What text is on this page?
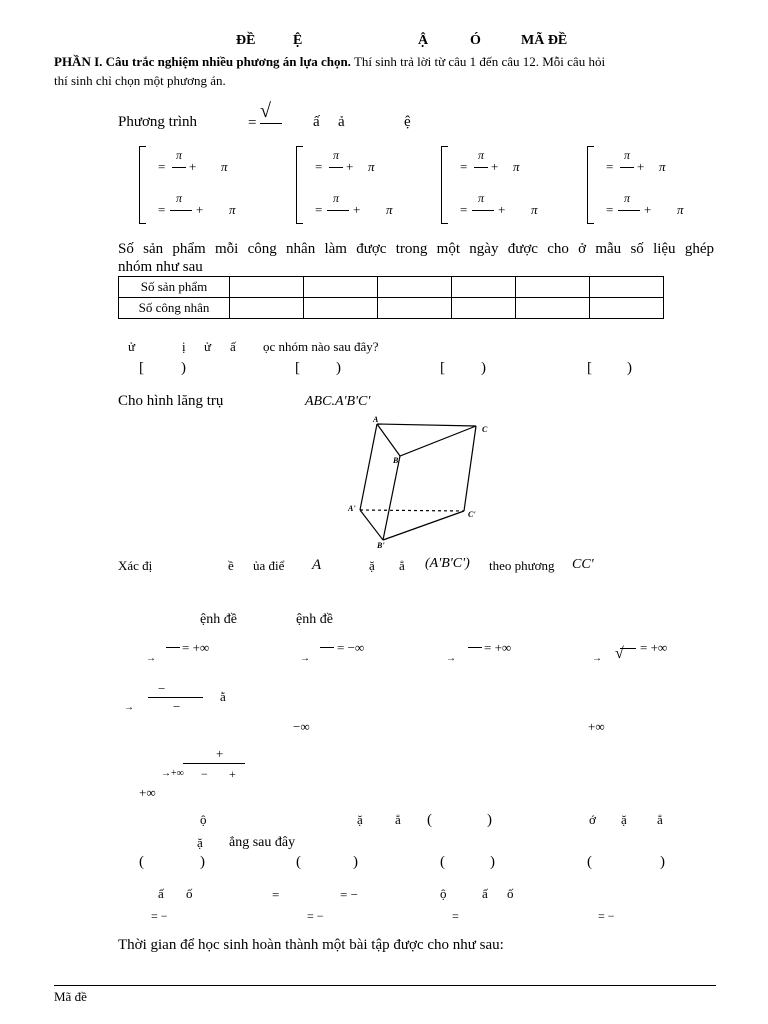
ĐỀ	Ệ	Ậ	Ó	MÃ ĐỀ
PHẦN I. Câu trắc nghiệm nhiều phương án lựa chọn. Thí sinh trả lời từ câu 1 đến câu 12. Mỗi câu hỏi
thí sinh chỉ chọn một phương án.
Phương trình	=
√	ấ ả	ệ
=
π
+ π
=
π
+ π
=
π
+ π
=
π
+ π
=
π
+ π
=
π
+ π
=
π
+ π
=
π
+ π
Số sản phẩm mỗi công nhân làm được trong một ngày được cho ở mẫu số liệu ghép
nhóm như sau
Số sản phẩm						
Số công nhân						
ử	ị ử ấ ọc nhóm nào sau đây?
[ )	[ )	[ )	[ )
Cho hình lăng trụ	ABC.A'B'C'
A
B
C
A'
B'
C'
Xác đị	ề ủa điể A	ặ ẳ (A'B'C') theo phương CC'
ệnh đề	ệnh đề
= +∞
→
= −∞
→
= +∞
→	√ = +∞
→
−
−
→
ằ
−∞	+∞
+
− +
→+∞
+∞
ộ	ặ ẳ (	)	ớ ặ ẳ
ặ ẳng sau đây
(	)	(	)	(	)	(	)
ấ ố	=	= −	ộ	ấ ố
= −	= −	=	= −
Thời gian để học sinh hoàn thành một bài tập được cho như sau:
Mã đề
